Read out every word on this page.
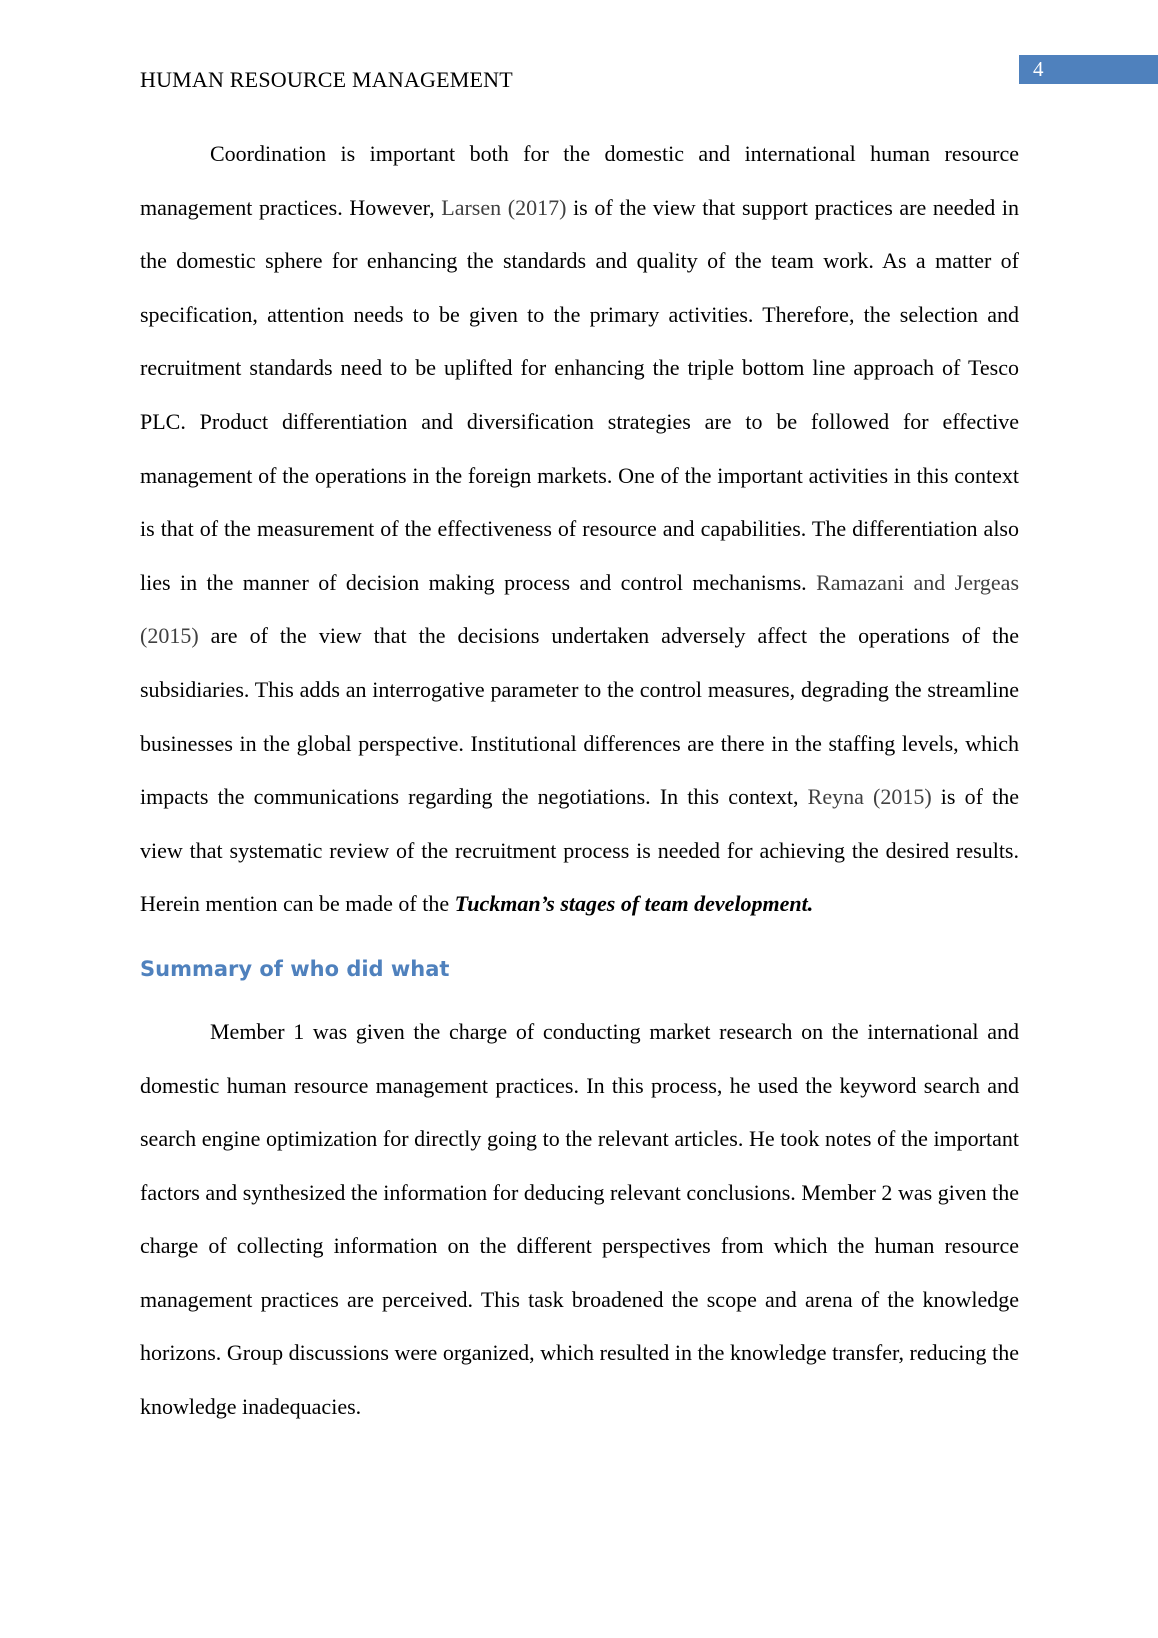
4
HUMAN RESOURCE MANAGEMENT

Coordination is important both for the domestic and international human resource management practices. However, Larsen (2017) is of the view that support practices are needed in the domestic sphere for enhancing the standards and quality of the team work. As a matter of specification, attention needs to be given to the primary activities. Therefore, the selection and recruitment standards need to be uplifted for enhancing the triple bottom line approach of Tesco PLC. Product differentiation and diversification strategies are to be followed for effective management of the operations in the foreign markets. One of the important activities in this context is that of the measurement of the effectiveness of resource and capabilities. The differentiation also lies in the manner of decision making process and control mechanisms. Ramazani and Jergeas (2015) are of the view that the decisions undertaken adversely affect the operations of the subsidiaries. This adds an interrogative parameter to the control measures, degrading the streamline businesses in the global perspective. Institutional differences are there in the staffing levels, which impacts the communications regarding the negotiations. In this context, Reyna (2015) is of the view that systematic review of the recruitment process is needed for achieving the desired results. Herein mention can be made of the Tuckman’s stages of team development.

Summary of who did what

Member 1 was given the charge of conducting market research on the international and domestic human resource management practices. In this process, he used the keyword search and search engine optimization for directly going to the relevant articles. He took notes of the important factors and synthesized the information for deducing relevant conclusions. Member 2 was given the charge of collecting information on the different perspectives from which the human resource management practices are perceived. This task broadened the scope and arena of the knowledge horizons. Group discussions were organized, which resulted in the knowledge transfer, reducing the knowledge inadequacies.
